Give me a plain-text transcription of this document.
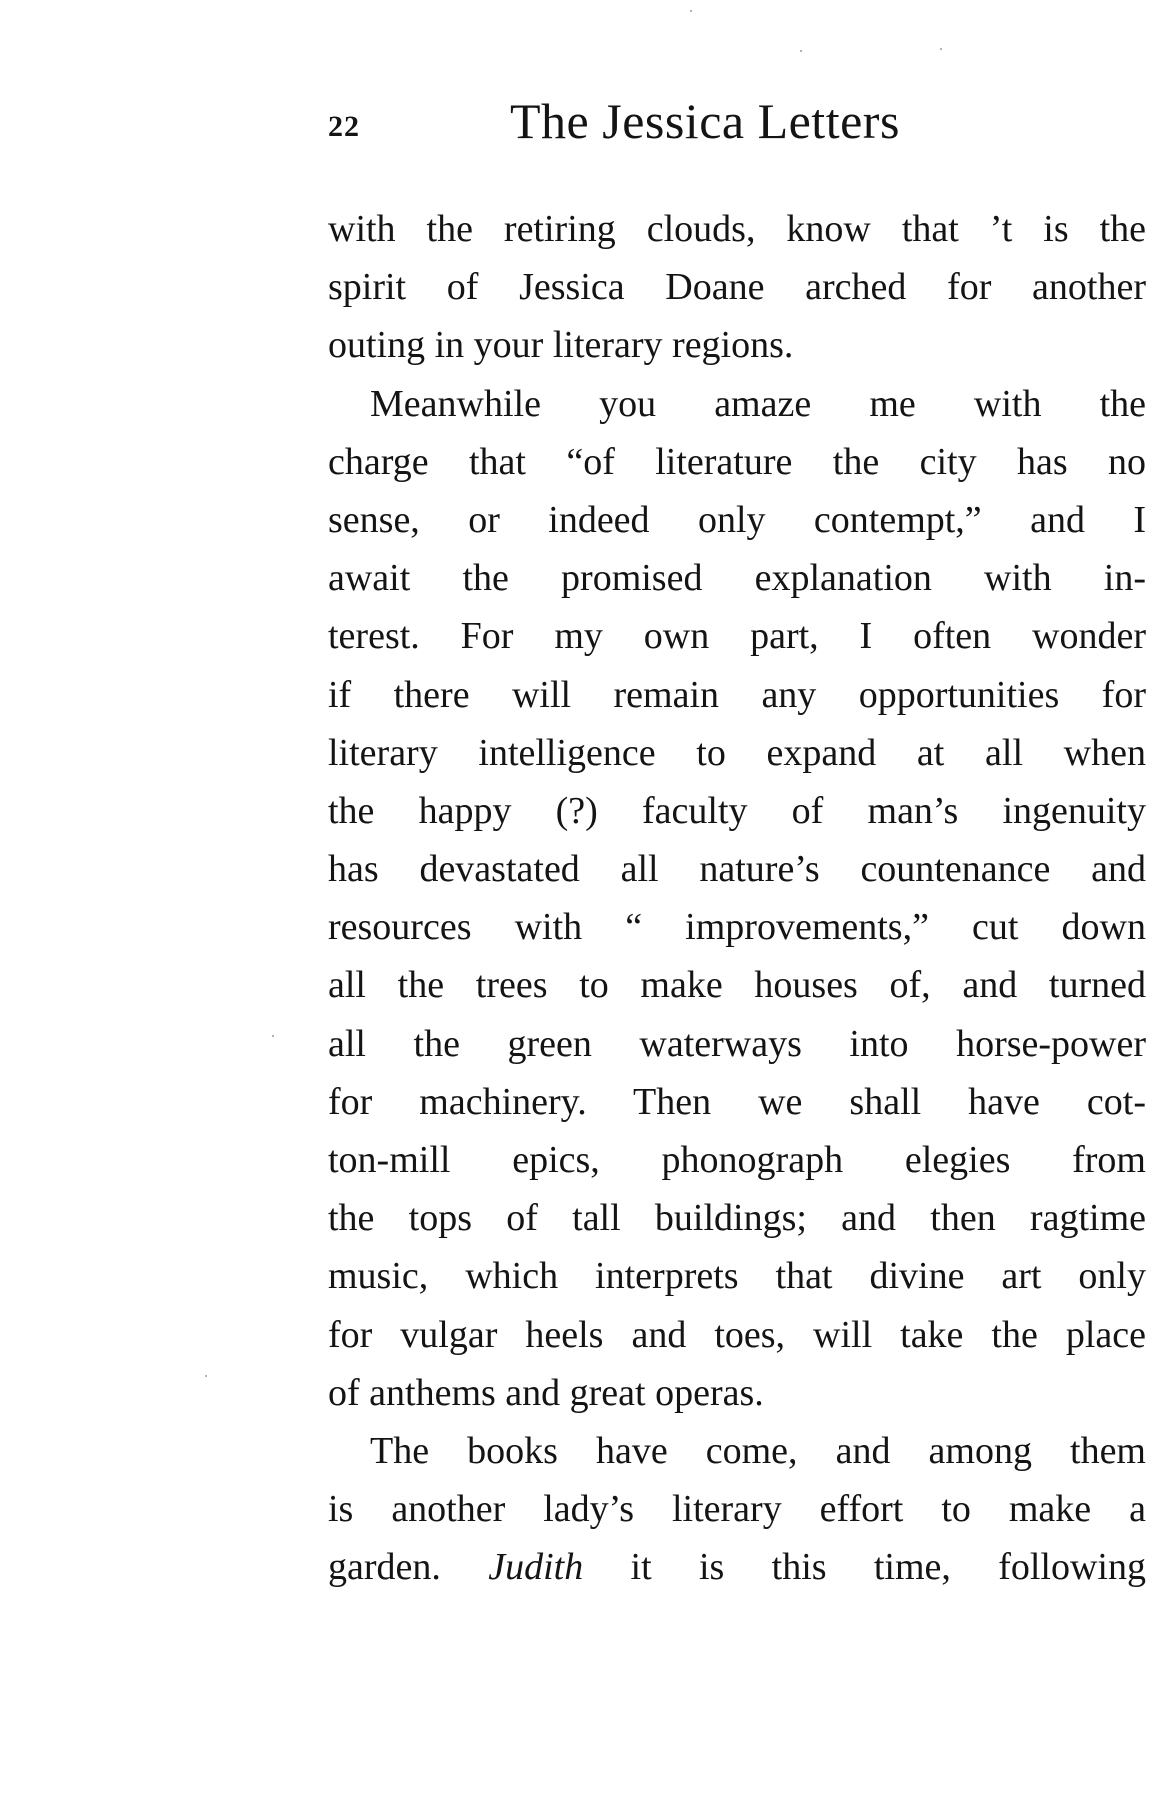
22	The Jessica Letters
with the retiring clouds, know that ’t is the
spirit of Jessica Doane arched for another
outing in your literary regions.
Meanwhile you amaze me with the
charge that “of literature the city has no
sense, or indeed only contempt,” and I
await the promised explanation with in-
terest. For my own part, I often wonder
if there will remain any opportunities for
literary intelligence to expand at all when
the happy (?) faculty of man’s ingenuity
has devastated all nature’s countenance and
resources with “ improvements,” cut down
all the trees to make houses of, and turned
all the green waterways into horse-power
for machinery. Then we shall have cot-
ton-mill epics, phonograph elegies from
the tops of tall buildings; and then ragtime
music, which interprets that divine art only
for vulgar heels and toes, will take the place
of anthems and great operas.
The books have come, and among them
is another lady’s literary effort to make a
garden. Judith it is this time, following
